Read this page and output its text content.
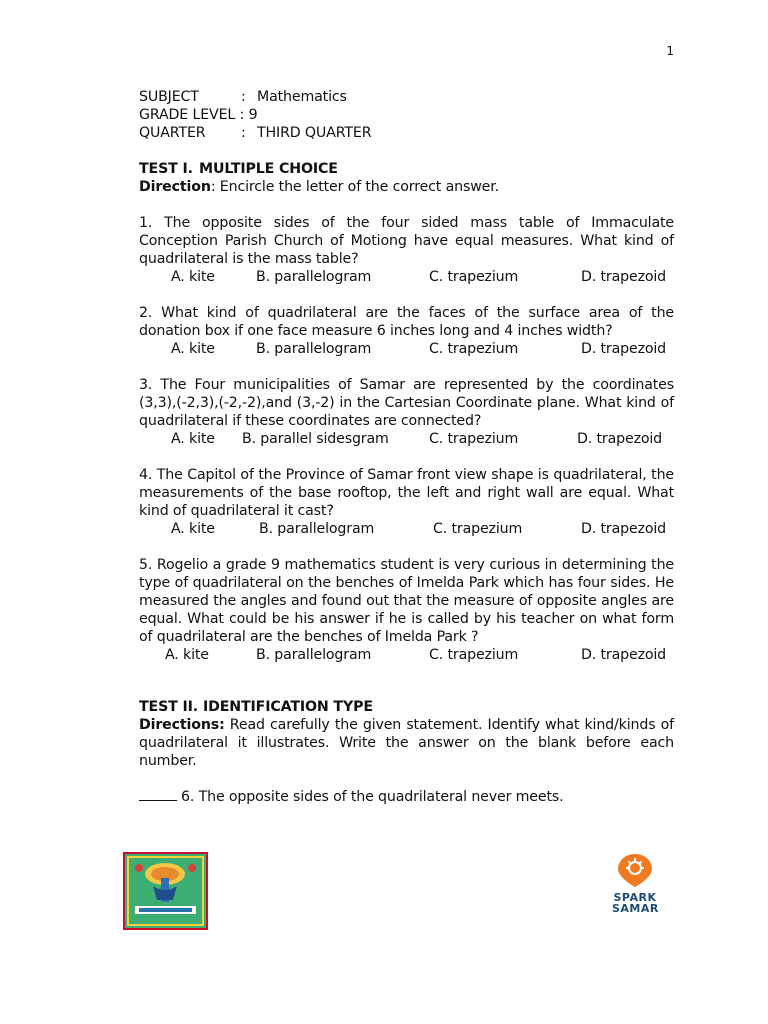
1
SUBJECT	: Mathematics
GRADE LEVEL : 9
QUARTER	: THIRD QUARTER
TEST I. MULTIPLE CHOICE
Direction: Encircle the letter of the correct answer.
1. The opposite sides of the four sided mass table of Immaculate Conception Parish Church of Motiong have equal measures. What kind of quadrilateral is the mass table?
A. kite	B. parallelogram	C. trapezium	D. trapezoid
2. What kind of quadrilateral are the faces of the surface area of the donation box if one face measure 6 inches long and 4 inches width?
A. kite	B. parallelogram	C. trapezium	D. trapezoid
3. The Four municipalities of Samar are represented by the coordinates (3,3),(-2,3),(-2,-2),and (3,-2) in the Cartesian Coordinate plane. What kind of quadrilateral if these coordinates are connected?
A. kite B. parallel sidesgram	C. trapezium	D. trapezoid
4. The Capitol of the Province of Samar front view shape is quadrilateral, the measurements of the base rooftop, the left and right wall are equal. What kind of quadrilateral it cast?
A. kite	B. parallelogram	C. trapezium	D. trapezoid
5. Rogelio a grade 9 mathematics student is very curious in determining the type of quadrilateral on the benches of Imelda Park which has four sides. He measured the angles and found out that the measure of opposite angles are equal. What could be his answer if he is called by his teacher on what form of quadrilateral are the benches of Imelda Park ?
A. kite	B. parallelogram	C. trapezium	D. trapezoid
TEST II. IDENTIFICATION TYPE
Directions: Read carefully the given statement. Identify what kind/kinds of quadrilateral it illustrates. Write the answer on the blank before each number.
6. The opposite sides of the quadrilateral never meets.
SPARK
SAMAR
